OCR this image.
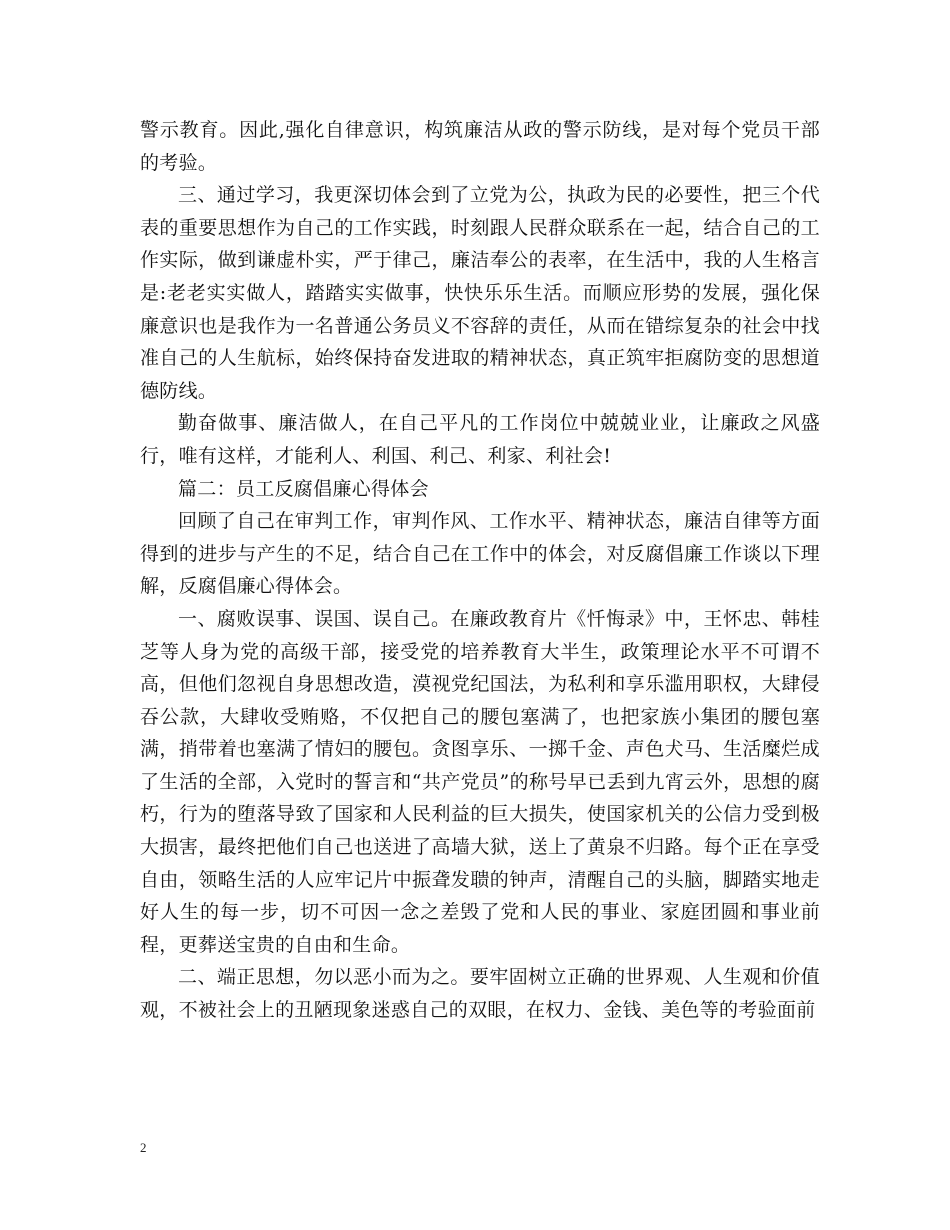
警示教育。因此,强化自律意识，构筑廉洁从政的警示防线，是对每个党员干部的考验。

三、通过学习，我更深切体会到了立党为公，执政为民的必要性，把三个代表的重要思想作为自己的工作实践，时刻跟人民群众联系在一起，结合自己的工作实际，做到谦虚朴实，严于律己，廉洁奉公的表率，在生活中，我的人生格言是:老老实实做人，踏踏实实做事，快快乐乐生活。而顺应形势的发展，强化保廉意识也是我作为一名普通公务员义不容辞的责任，从而在错综复杂的社会中找准自己的人生航标，始终保持奋发进取的精神状态，真正筑牢拒腐防变的思想道德防线。

勤奋做事、廉洁做人，在自己平凡的工作岗位中兢兢业业，让廉政之风盛行，唯有这样，才能利人、利国、利己、利家、利社会!

篇二：员工反腐倡廉心得体会

回顾了自己在审判工作，审判作风、工作水平、精神状态，廉洁自律等方面得到的进步与产生的不足，结合自己在工作中的体会，对反腐倡廉工作谈以下理解，反腐倡廉心得体会。

一、腐败误事、误国、误自己。在廉政教育片《忏悔录》中，王怀忠、韩桂芝等人身为党的高级干部，接受党的培养教育大半生，政策理论水平不可谓不高，但他们忽视自身思想改造，漠视党纪国法，为私利和享乐滥用职权，大肆侵吞公款，大肆收受贿赂，不仅把自己的腰包塞满了，也把家族小集团的腰包塞满，捎带着也塞满了情妇的腰包。贪图享乐、一掷千金、声色犬马、生活糜烂成了生活的全部，入党时的誓言和“共产党员”的称号早已丢到九宵云外，思想的腐朽，行为的堕落导致了国家和人民利益的巨大损失，使国家机关的公信力受到极大损害，最终把他们自己也送进了高墙大狱，送上了黄泉不归路。每个正在享受自由，领略生活的人应牢记片中振聋发聩的钟声，清醒自己的头脑，脚踏实地走好人生的每一步，切不可因一念之差毁了党和人民的事业、家庭团圆和事业前程，更葬送宝贵的自由和生命。

二、端正思想，勿以恶小而为之。要牢固树立正确的世界观、人生观和价值观，不被社会上的丑陋现象迷惑自己的双眼，在权力、金钱、美色等的考验面前

2
